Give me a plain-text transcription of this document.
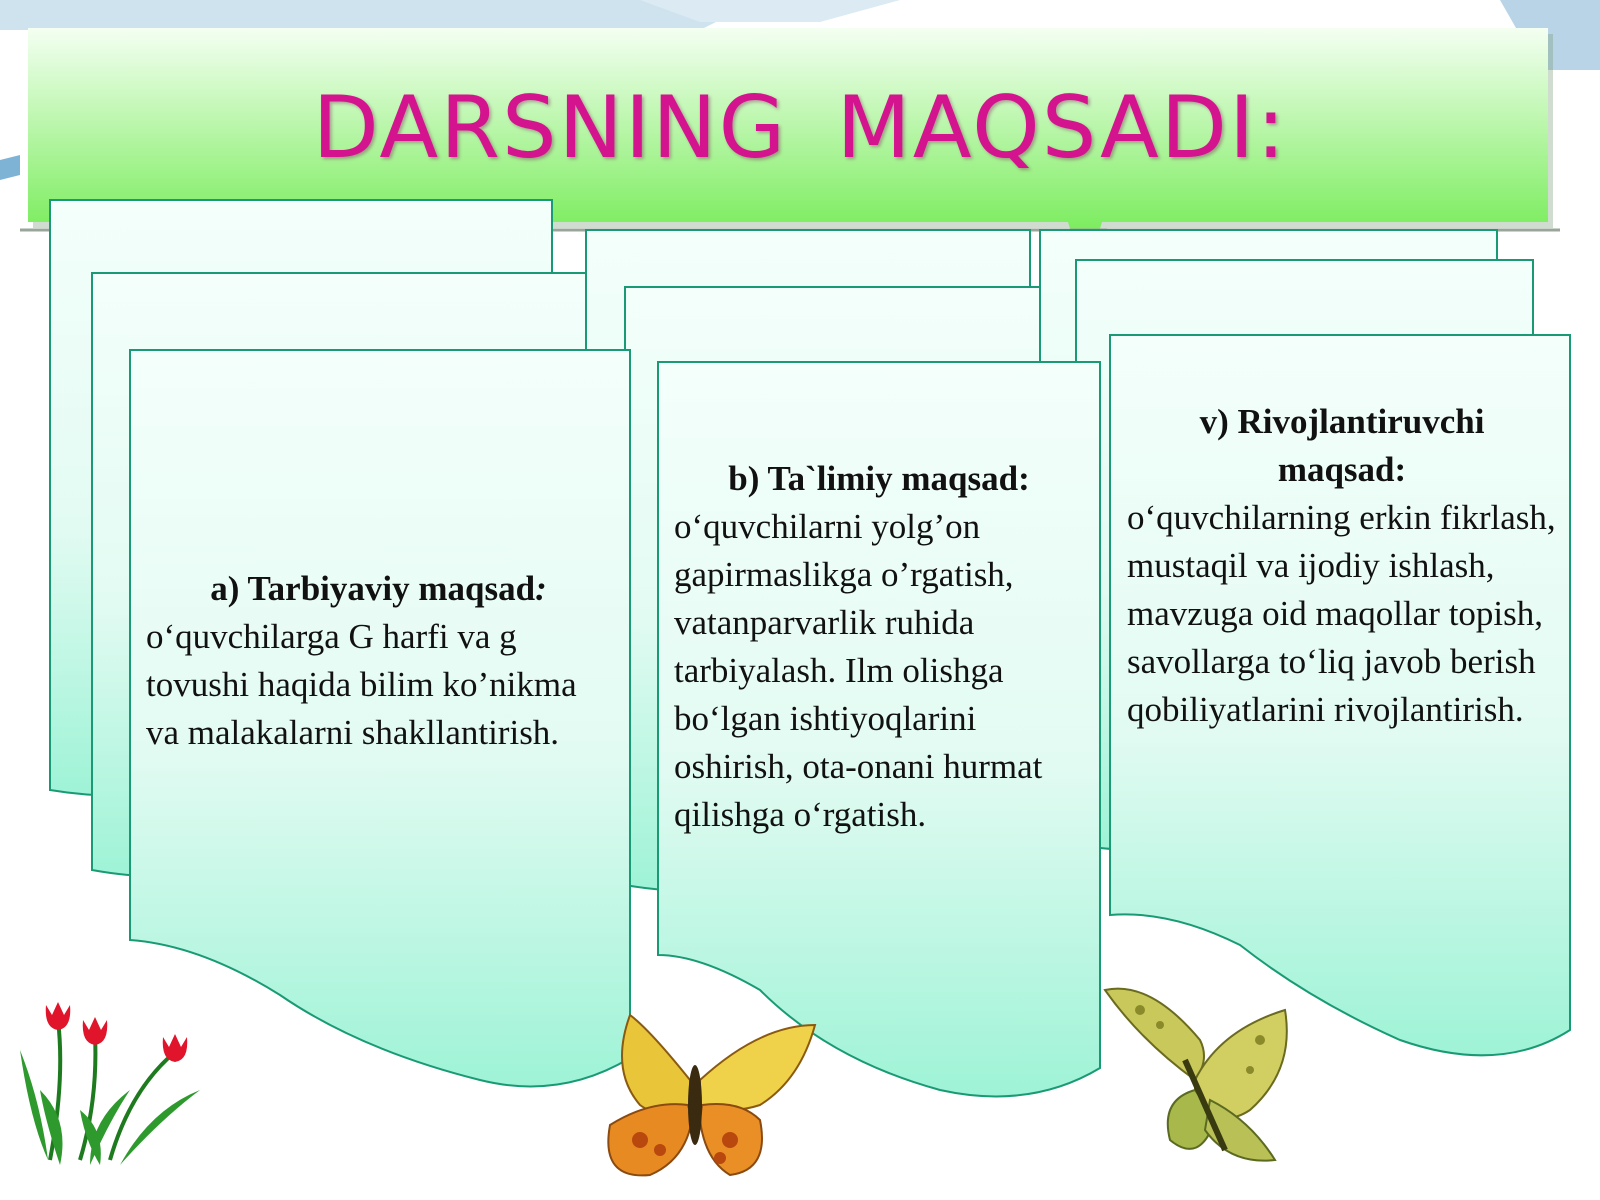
DARSNING MAQSADI:
a) Tarbiyaviy maqsad:
o‘quvchilarga G harfi va g tovushi haqida bilim ko’nikma va malakalarni shakllantirish.
b) Ta`limiy maqsad:
o‘quvchilarni yolg’on gapirmaslikga o’rgatish, vatanparvarlik ruhida tarbiyalash. Ilm olishga bo‘lgan ishtiyoqlarini oshirish, ota-onani hurmat qilishga o‘rgatish.
v) Rivojlantiruvchi maqsad:
o‘quvchilarning erkin fikrlash, mustaqil va ijodiy ishlash, mavzuga oid maqollar topish, savollarga to‘liq javob berish qobiliyatlarini rivojlantirish.
